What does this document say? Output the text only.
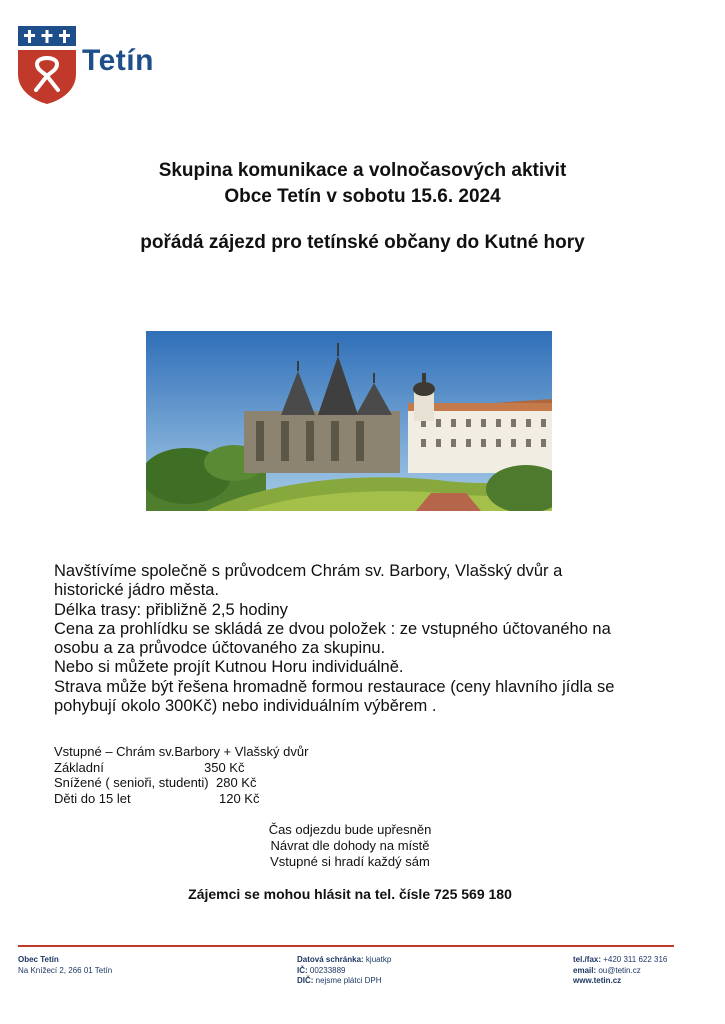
Tetín
Skupina komunikace a volnočasových aktivit
Obce Tetín v sobotu 15.6. 2024
pořádá zájezd pro tetínské občany do Kutné hory
Navštívíme společně s průvodcem Chrám sv. Barbory, Vlašský dvůr a
historické jádro města.
Délka trasy: přibližně 2,5 hodiny
Cena za prohlídku se skládá ze dvou položek : ze vstupného účtovaného na
osobu a za průvodce účtovaného za skupinu.
Nebo si můžete projít Kutnou Horu individuálně.
Strava může být řešena hromadně formou restaurace (ceny hlavního jídla se
pohybují okolo 300Kč) nebo individuálním výběrem .
Vstupné – Chrám sv.Barbory + Vlašský dvůr
Základní	350 Kč
Snížené ( senioři, studenti) 280 Kč
Děti do 15 let	120 Kč
Čas odjezdu bude upřesněn
Návrat dle dohody na místě
Vstupné si hradí každý sám
Zájemci se mohou hlásit na tel. čísle 725 569 180
Obec Tetín
Na Knížecí 2, 266 01 Tetín
Datová schránka: kjuatkp
IČ: 00233889
DIČ: nejsme plátci DPH
tel./fax: +420 311 622 316
email: ou@tetin.cz
www.tetin.cz
